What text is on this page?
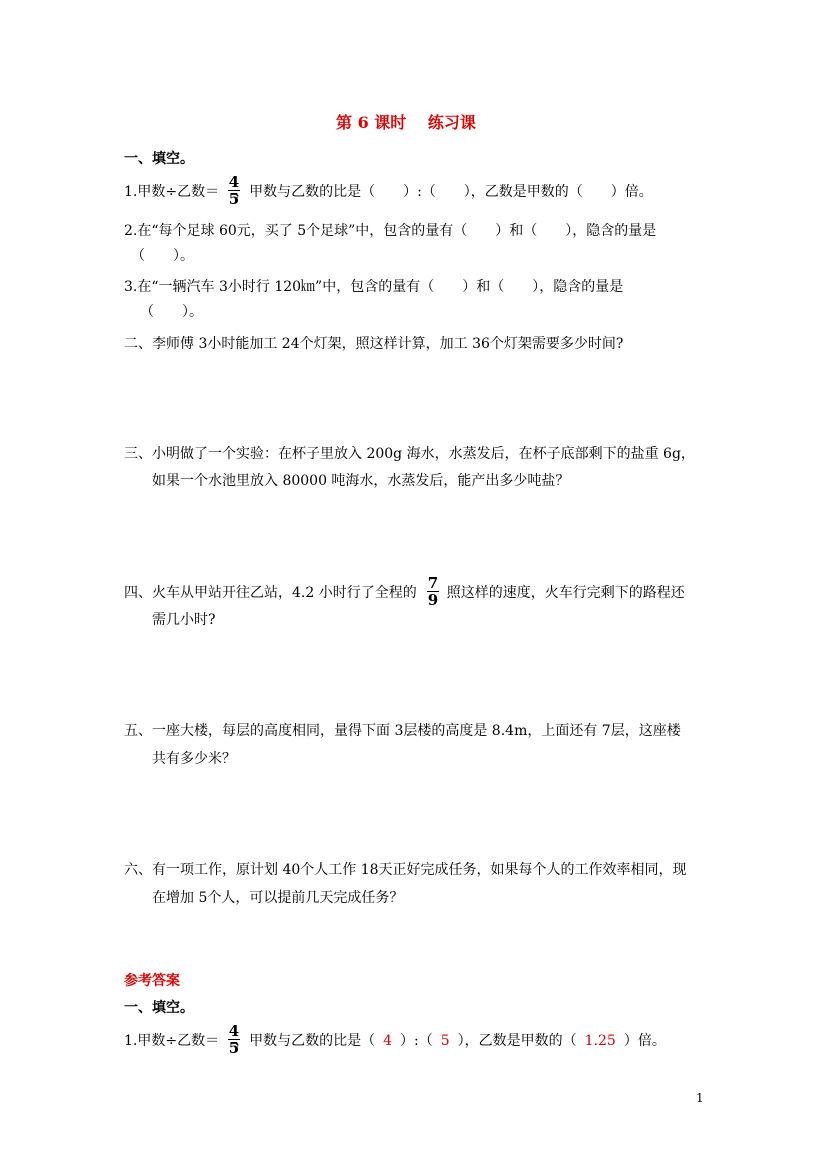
第 6 课时　 练习课
一、填空。
1.甲数÷乙数＝ ，甲数与乙数的比是（　　）:（　　），乙数是甲数的（　　）倍。
$\frac{4}{5}$
2.在“每个足球 60元，买了 5个足球”中，包含的量有（　　）和（　　），隐含的量是
（　　）。
3.在“一辆汽车 3小时行 120㎞”中，包含的量有（　　）和（　　），隐含的量是
（　　）。
二、李师傅 3小时能加工 24个灯架，照这样计算，加工 36个灯架需要多少时间?
三、小明做了一个实验：在杯子里放入 200g 海水，水蒸发后，在杯子底部剩下的盐重 6g，
如果一个水池里放入 80000 吨海水，水蒸发后，能产出多少吨盐？
四、火车从甲站开往乙站，4.2 小时行了全程的 ，照这样的速度，火车行完剩下的路程还
$\frac{7}{9}$
需几小时?
五、一座大楼，每层的高度相同，量得下面 3层楼的高度是 8.4m，上面还有 7层，这座楼
共有多少米？
六、有一项工作，原计划 40个人工作 18天正好完成任务，如果每个人的工作效率相同，现
在增加 5个人，可以提前几天完成任务？
参考答案
一、填空。
1.甲数÷乙数＝ ，甲数与乙数的比是（ 4 ）:（ 5 ），乙数是甲数的（ 1.25 ）倍。
$\frac{4}{5}$
1
